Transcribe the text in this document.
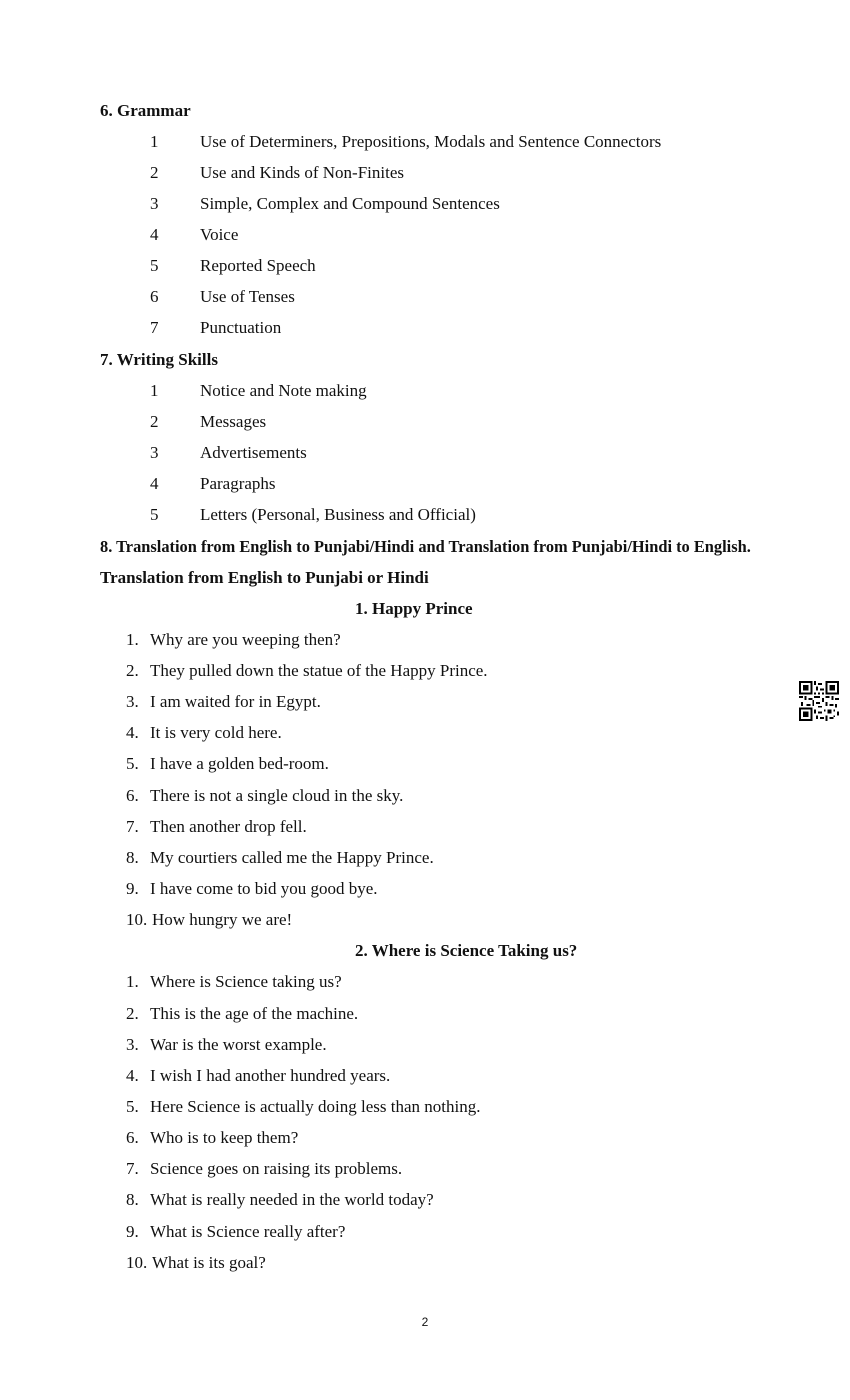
6. Grammar
1 Use of Determiners, Prepositions, Modals and Sentence Connectors
2 Use and Kinds of Non-Finites
3 Simple, Complex and Compound Sentences
4 Voice
5 Reported Speech
6 Use of Tenses
7 Punctuation
7. Writing Skills
1 Notice and Note making
2 Messages
3 Advertisements
4 Paragraphs
5 Letters (Personal, Business and Official)
8. Translation from English to Punjabi/Hindi and Translation from Punjabi/Hindi to English.
Translation from English to Punjabi or Hindi
1. Happy Prince
1. Why are you weeping then?
2. They pulled down the statue of the Happy Prince.
3. I am waited for in Egypt.
4. It is very cold here.
5. I have a golden bed-room.
6. There is not a single cloud in the sky.
7. Then another drop fell.
8. My courtiers called me the Happy Prince.
9. I have come to bid you good bye.
10. How hungry we are!
2. Where is Science Taking us?
1. Where is Science taking us?
2. This is the age of the machine.
3. War is the worst example.
4. I wish I had another hundred years.
5. Here Science is actually doing less than nothing.
6. Who is to keep them?
7. Science goes on raising its problems.
8. What is really needed in the world today?
9. What is Science really after?
10. What is its goal?
2
